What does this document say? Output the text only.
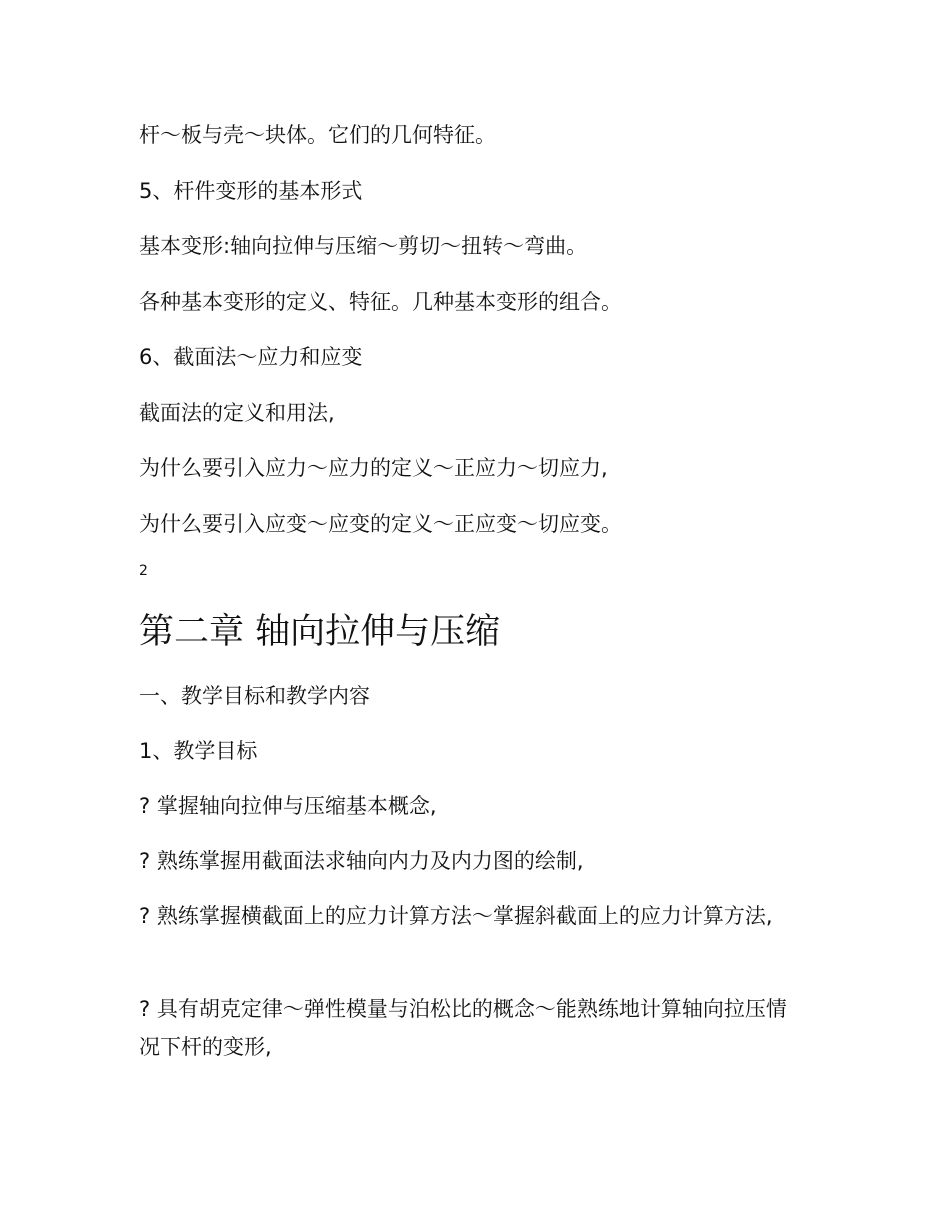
杆～板与壳～块体。它们的几何特征。
5、杆件变形的基本形式
基本变形:轴向拉伸与压缩～剪切～扭转～弯曲。
各种基本变形的定义、特征。几种基本变形的组合。
6、截面法～应力和应变
截面法的定义和用法,
为什么要引入应力～应力的定义～正应力～切应力,
为什么要引入应变～应变的定义～正应变～切应变。
2
第二章 轴向拉伸与压缩
一、教学目标和教学内容
1、教学目标
? 掌握轴向拉伸与压缩基本概念,
? 熟练掌握用截面法求轴向内力及内力图的绘制,
? 熟练掌握横截面上的应力计算方法～掌握斜截面上的应力计算方法,
? 具有胡克定律～弹性模量与泊松比的概念～能熟练地计算轴向拉压情况下杆的变形,
